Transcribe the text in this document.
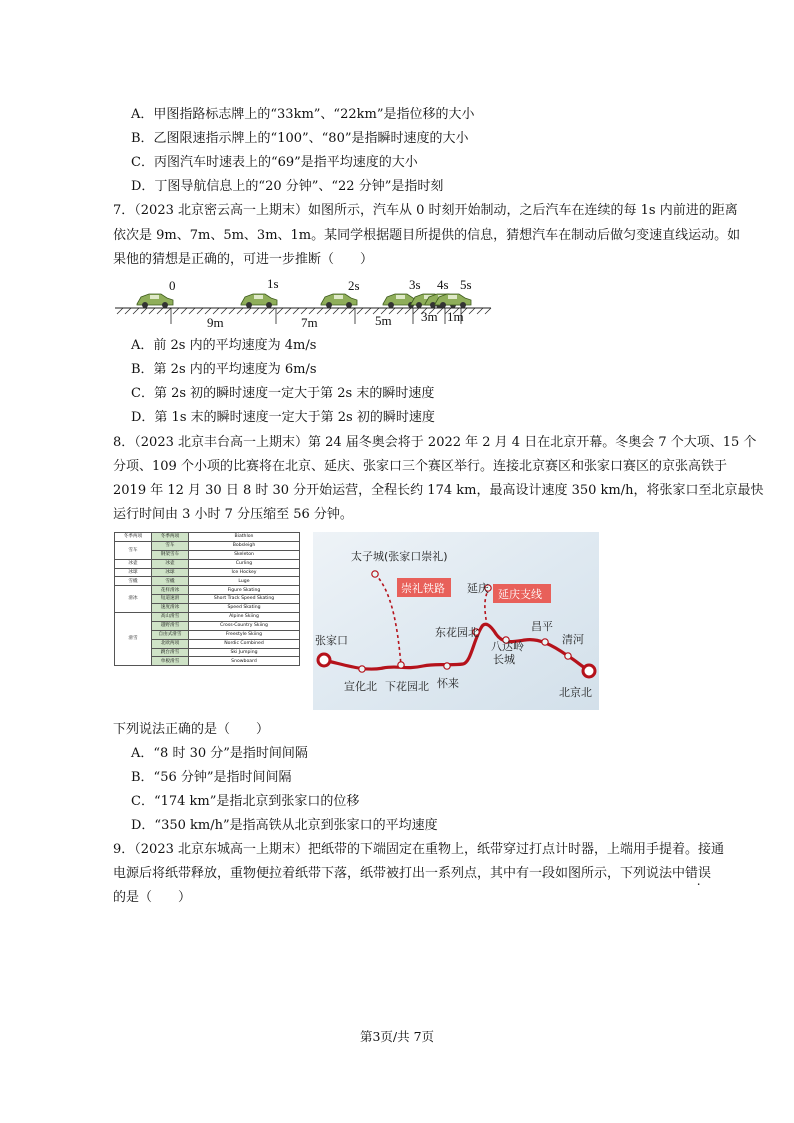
A．甲图指路标志牌上的“33km”、“22km”是指位移的大小
B．乙图限速指示牌上的“100”、“80”是指瞬时速度的大小
C．丙图汽车时速表上的“69”是指平均速度的大小
D．丁图导航信息上的“20 分钟”、“22 分钟”是指时刻
7．（2023 北京密云高一上期末）如图所示，汽车从 0 时刻开始制动，之后汽车在连续的每 1s 内前进的距离
依次是 9m、7m、5m、3m、1m。某同学根据题目所提供的信息，猜想汽车在制动后做匀变速直线运动。如
果他的猜想是正确的，可进一步推断（　　）
0	1s	2s	3s 4s 5s
9m	7m	5m 3m 1m
A．前 2s 内的平均速度为 4m/s
B．第 2s 内的平均速度为 6m/s
C．第 2s 初的瞬时速度一定大于第 2s 末的瞬时速度
D．第 1s 末的瞬时速度一定大于第 2s 初的瞬时速度
8．（2023 北京丰台高一上期末）第 24 届冬奥会将于 2022 年 2 月 4 日在北京开幕。冬奥会 7 个大项、15 个
分项、109 个小项的比赛将在北京、延庆、张家口三个赛区举行。连接北京赛区和张家口赛区的京张高铁于
2019 年 12 月 30 日 8 时 30 分开始运营，全程长约 174 km，最高设计速度 350 km/h，将张家口至北京最快
运行时间由 3 小时 7 分压缩至 56 分钟。
冬季两项	冬季两项	Biathlon
雪车	雪车	Bobsleigh
	钢架雪车	Skeleton
冰壶	冰壶	Curling
冰球	冰球	Ice Hockey
雪橇	雪橇	Luge
滑冰	花样滑冰	Figure Skating
	短道速滑	Short Track Speed Skating
	速度滑冰	Speed Skating
滑雪	高山滑雪	Alpine Skiing
	越野滑雪	Cross-Country Skiing
	自由式滑雪	Freestyle Skiing
	北欧两项	Nordic Combined
	跳台滑雪	Ski Jumping
	单板滑雪	Snowboard
张家口
宣化北 下花园北 怀来
东花园北
八达岭
长城
昌平
清河
北京北
太子城(张家口崇礼)
延庆
崇礼铁路	延庆支线
下列说法正确的是（　　）
A．“8 时 30 分”是指时间间隔
B．“56 分钟”是指时间间隔
C．“174 km”是指北京到张家口的位移
D．“350 km/h”是指高铁从北京到张家口的平均速度
9．（2023 北京东城高一上期末）把纸带的下端固定在重物上，纸带穿过打点计时器，上端用手提着。接通
电源后将纸带释放，重物便拉着纸带下落，纸带被打出一系列点，其中有一段如图所示，下列说法中错误
的是（　　）
第3页/共 7页
